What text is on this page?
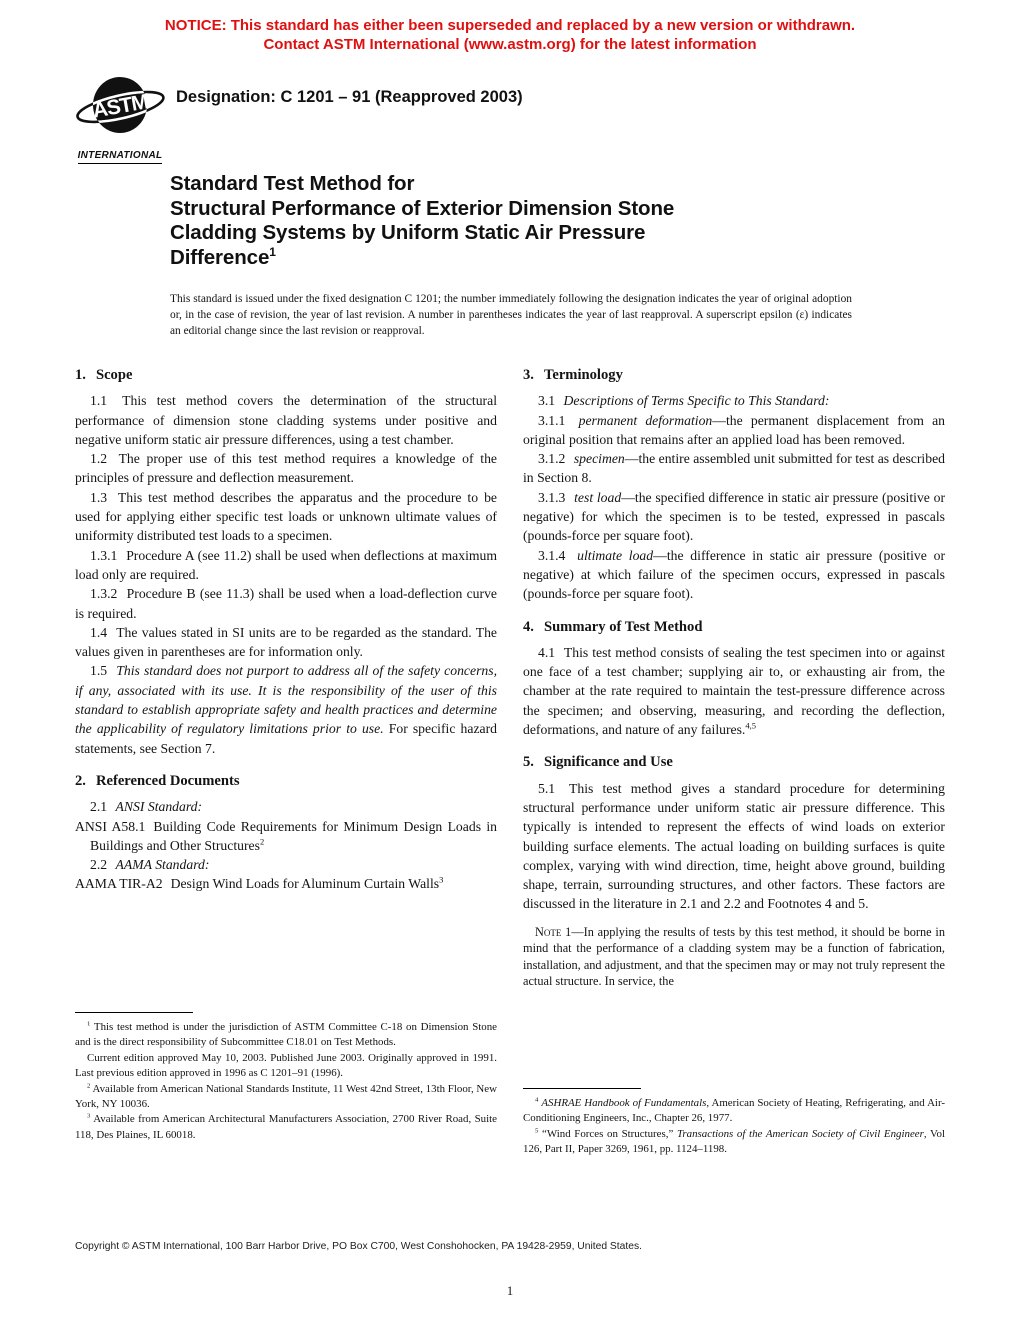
NOTICE: This standard has either been superseded and replaced by a new version or withdrawn.
Contact ASTM International (www.astm.org) for the latest information
ASTM
INTERNATIONAL
Designation: C 1201 – 91 (Reapproved 2003)
Standard Test Method for
Structural Performance of Exterior Dimension Stone
Cladding Systems by Uniform Static Air Pressure
Difference$^1$

This standard is issued under the fixed designation C 1201; the number immediately following the designation indicates the year of original adoption or, in the case of revision, the year of last revision. A number in parentheses indicates the year of last reapproval. A superscript epsilon (ε) indicates an editorial change since the last revision or reapproval.

1. Scope

1.1 This test method covers the determination of the structural performance of dimension stone cladding systems under positive and negative uniform static air pressure differences, using a test chamber.

1.2 The proper use of this test method requires a knowledge of the principles of pressure and deflection measurement.

1.3 This test method describes the apparatus and the procedure to be used for applying either specific test loads or unknown ultimate values of uniformity distributed test loads to a specimen.

1.3.1 Procedure A (see 11.2) shall be used when deflections at maximum load only are required.

1.3.2 Procedure B (see 11.3) shall be used when a load-deflection curve is required.

1.4 The values stated in SI units are to be regarded as the standard. The values given in parentheses are for information only.

1.5 This standard does not purport to address all of the safety concerns, if any, associated with its use. It is the responsibility of the user of this standard to establish appropriate safety and health practices and determine the applicability of regulatory limitations prior to use. For specific hazard statements, see Section 7.

2. Referenced Documents

2.1 ANSI Standard:

ANSI A58.1 Building Code Requirements for Minimum Design Loads in Buildings and Other Structures$^2$

2.2 AAMA Standard:

AAMA TIR-A2 Design Wind Loads for Aluminum Curtain Walls$^3$

$^1$ This test method is under the jurisdiction of ASTM Committee C-18 on Dimension Stone and is the direct responsibility of Subcommittee C18.01 on Test Methods.

Current edition approved May 10, 2003. Published June 2003. Originally approved in 1991. Last previous edition approved in 1996 as C 1201–91 (1996).

$^2$ Available from American National Standards Institute, 11 West 42nd Street, 13th Floor, New York, NY 10036.

$^3$ Available from American Architectural Manufacturers Association, 2700 River Road, Suite 118, Des Plaines, IL 60018.

3. Terminology

3.1 Descriptions of Terms Specific to This Standard:

3.1.1 permanent deformation—the permanent displacement from an original position that remains after an applied load has been removed.

3.1.2 specimen—the entire assembled unit submitted for test as described in Section 8.

3.1.3 test load—the specified difference in static air pressure (positive or negative) for which the specimen is to be tested, expressed in pascals (pounds-force per square foot).

3.1.4 ultimate load—the difference in static air pressure (positive or negative) at which failure of the specimen occurs, expressed in pascals (pounds-force per square foot).

4. Summary of Test Method

4.1 This test method consists of sealing the test specimen into or against one face of a test chamber; supplying air to, or exhausting air from, the chamber at the rate required to maintain the test-pressure difference across the specimen; and observing, measuring, and recording the deflection, deformations, and nature of any failures.$^{4,5}$

5. Significance and Use

5.1 This test method gives a standard procedure for determining structural performance under uniform static air pressure difference. This typically is intended to represent the effects of wind loads on exterior building surface elements. The actual loading on building surfaces is quite complex, varying with wind direction, time, height above ground, building shape, terrain, surrounding structures, and other factors. These factors are discussed in the literature in 2.1 and 2.2 and Footnotes 4 and 5.

Note 1—In applying the results of tests by this test method, it should be borne in mind that the performance of a cladding system may be a function of fabrication, installation, and adjustment, and that the specimen may or may not truly represent the actual structure. In service, the

$^4$ ASHRAE Handbook of Fundamentals, American Society of Heating, Refrigerating, and Air-Conditioning Engineers, Inc., Chapter 26, 1977.

$^5$ “Wind Forces on Structures,” Transactions of the American Society of Civil Engineer, Vol 126, Part II, Paper 3269, 1961, pp. 1124–1198.

Copyright © ASTM International, 100 Barr Harbor Drive, PO Box C700, West Conshohocken, PA 19428-2959, United States.
1
